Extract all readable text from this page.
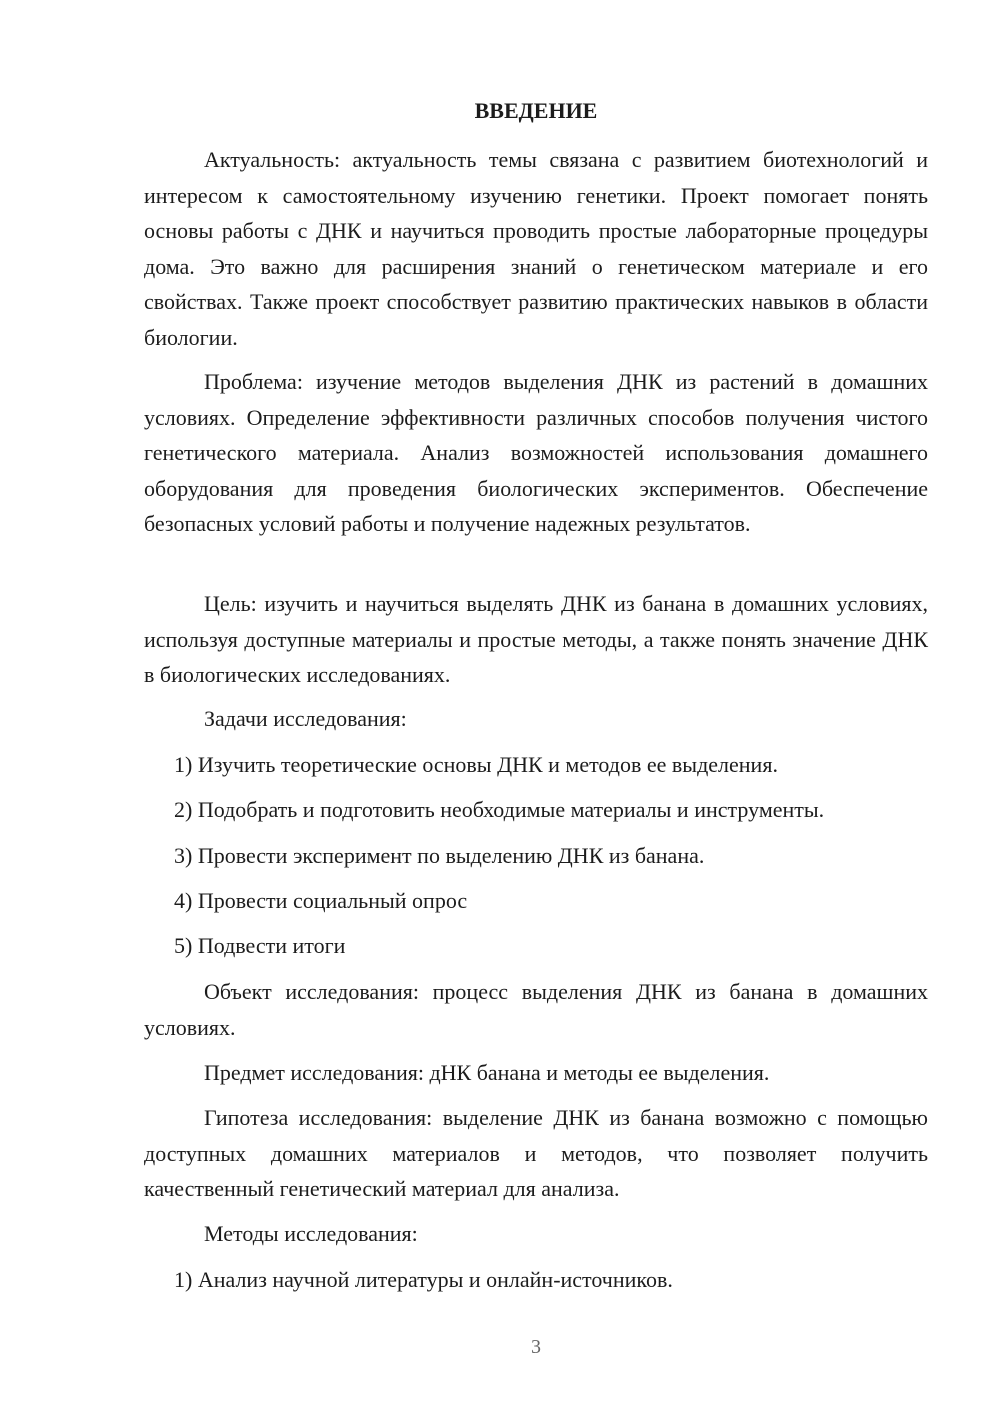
ВВЕДЕНИЕ

Актуальность: актуальность темы связана с развитием биотехнологий и интересом к самостоятельному изучению генетики. Проект помогает понять основы работы с ДНК и научиться проводить простые лабораторные процедуры дома. Это важно для расширения знаний о генетическом материале и его свойствах. Также проект способствует развитию практических навыков в области биологии.

Проблема: изучение методов выделения ДНК из растений в домашних условиях. Определение эффективности различных способов получения чистого генетического материала. Анализ возможностей использования домашнего оборудования для проведения биологических экспериментов. Обеспечение безопасных условий работы и получение надежных результатов.

Цель: изучить и научиться выделять ДНК из банана в домашних условиях, используя доступные материалы и простые методы, а также понять значение ДНК в биологических исследованиях.

Задачи исследования:

1) Изучить теоретические основы ДНК и методов ее выделения.

2) Подобрать и подготовить необходимые материалы и инструменты.

3) Провести эксперимент по выделению ДНК из банана.

4) Провести социальный опрос

5) Подвести итоги

Объект исследования: процесс выделения ДНК из банана в домашних условиях.

Предмет исследования: дНК банана и методы ее выделения.

Гипотеза исследования: выделение ДНК из банана возможно с помощью доступных домашних материалов и методов, что позволяет получить качественный генетический материал для анализа.

Методы исследования:

1) Анализ научной литературы и онлайн-источников.

3
